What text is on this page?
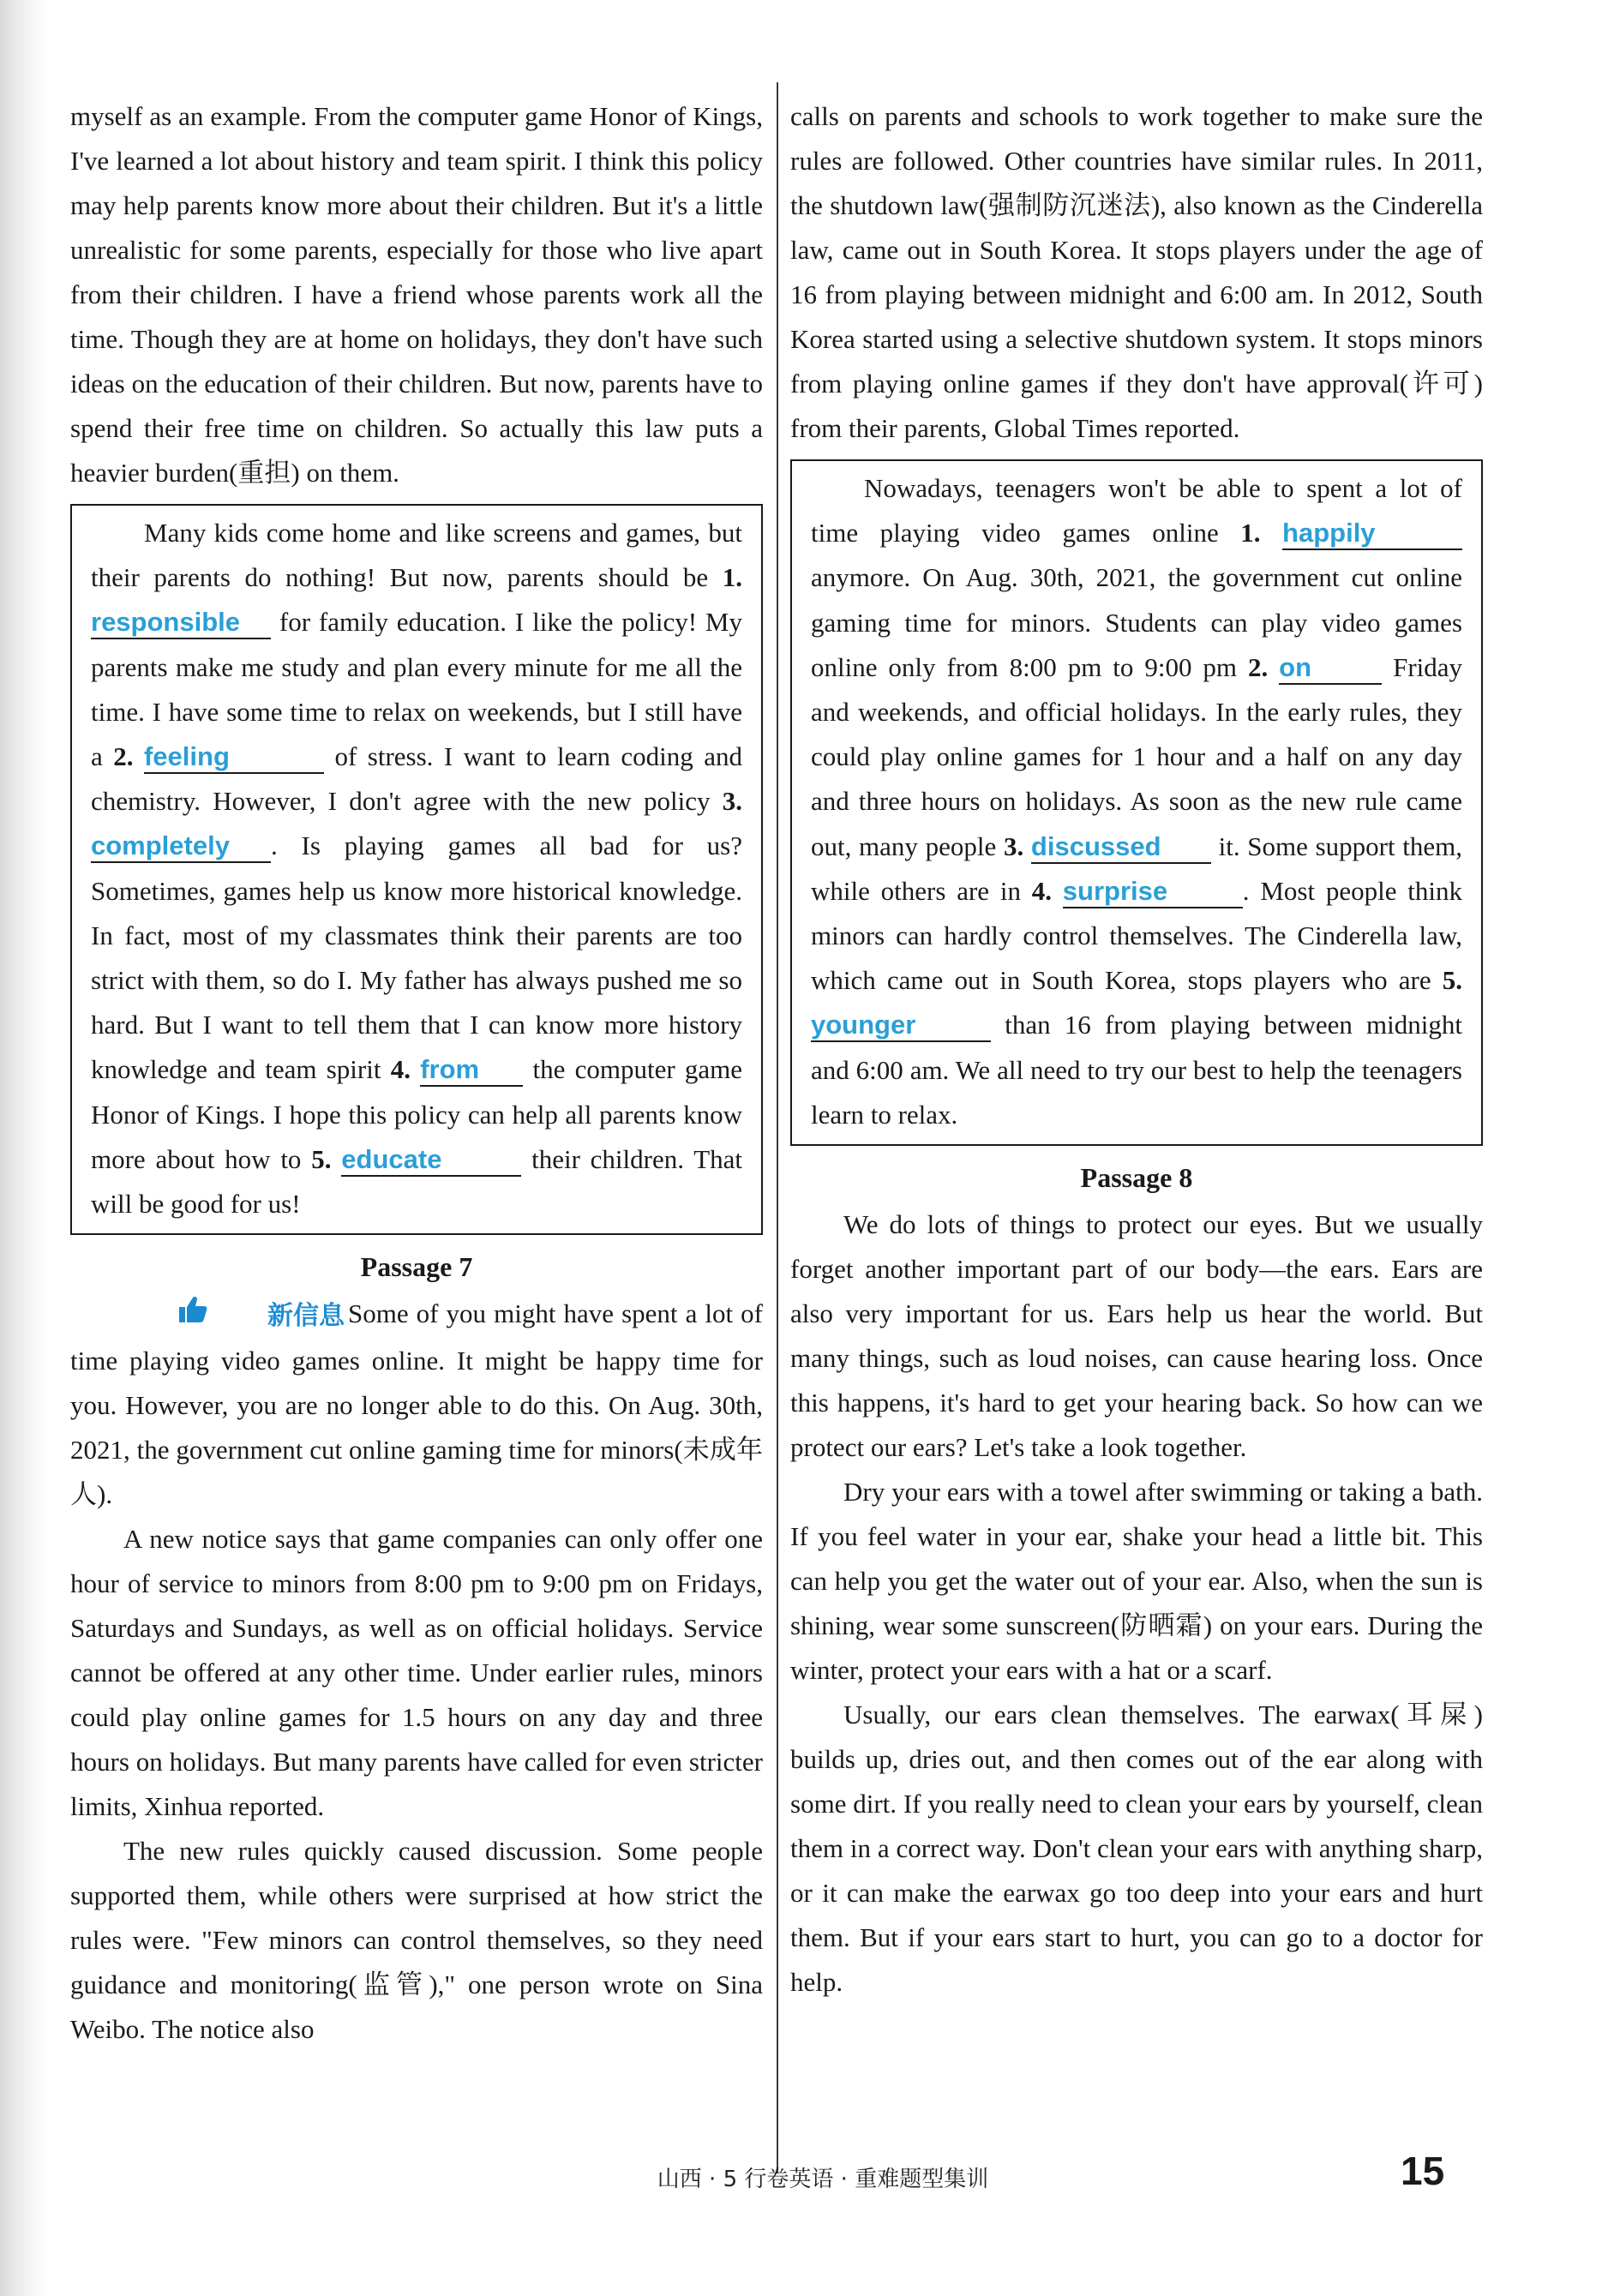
myself as an example. From the computer game Honor of Kings, I've learned a lot about history and team spirit. I think this policy may help parents know more about their children. But it's a little unrealistic for some parents, especially for those who live apart from their children. I have a friend whose parents work all the time. Though they are at home on holidays, they don't have such ideas on the education of their children. But now, parents have to spend their free time on children. So actually this law puts a heavier burden(重担) on them.

Many kids come home and like screens and games, but their parents do nothing! But now, parents should be 1. responsible for family education. I like the policy! My parents make me study and plan every minute for me all the time. I have some time to relax on weekends, but I still have a 2. feeling	of stress. I want to learn coding and chemistry. However, I don't agree with the new policy 3. completely . Is playing games all bad for us? Sometimes, games help us know more historical knowledge. In fact, most of my classmates think their parents are too strict with them, so do I. My father has always pushed me so hard. But I want to tell them that I can know more history knowledge and team spirit 4. from the computer game Honor of Kings. I hope this policy can help all parents know more about how to 5. educate	their children. That will be good for us!

Passage 7

新信息 Some of you might have spent a lot of time playing video games online. It might be happy time for you. However, you are no longer able to do this. On Aug. 30th, 2021, the government cut online gaming time for minors(未成年人).

A new notice says that game companies can only offer one hour of service to minors from 8:00 pm to 9:00 pm on Fridays, Saturdays and Sundays, as well as on official holidays. Service cannot be offered at any other time. Under earlier rules, minors could play online games for 1.5 hours on any day and three hours on holidays. But many parents have called for even stricter limits, Xinhua reported.

The new rules quickly caused discussion. Some people supported them, while others were surprised at how strict the rules were. "Few minors can control themselves, so they need guidance and monitoring(监管)," one person wrote on Sina Weibo. The notice also

calls on parents and schools to work together to make sure the rules are followed. Other countries have similar rules. In 2011, the shutdown law(强制防沉迷法), also known as the Cinderella law, came out in South Korea. It stops players under the age of 16 from playing between midnight and 6:00 am. In 2012, South Korea started using a selective shutdown system. It stops minors from playing online games if they don't have approval(许可) from their parents, Global Times reported.

Nowadays, teenagers won't be able to spent a lot of time playing video games online 1. happily anymore. On Aug. 30th, 2021, the government cut online gaming time for minors. Students can play video games online only from 8:00 pm to 9:00 pm 2. on	Friday and weekends, and official holidays. In the early rules, they could play online games for 1 hour and a half on any day and three hours on holidays. As soon as the new rule came out, many people 3. discussed it. Some support them, while others are in 4. surprise	. Most people think minors can hardly control themselves. The Cinderella law, which came out in South Korea, stops players who are 5. younger	than 16 from playing between midnight and 6:00 am. We all need to try our best to help the teenagers learn to relax.

Passage 8

We do lots of things to protect our eyes. But we usually forget another important part of our body—the ears. Ears are also very important for us. Ears help us hear the world. But many things, such as loud noises, can cause hearing loss. Once this happens, it's hard to get your hearing back. So how can we protect our ears? Let's take a look together.

Dry your ears with a towel after swimming or taking a bath. If you feel water in your ear, shake your head a little bit. This can help you get the water out of your ear. Also, when the sun is shining, wear some sunscreen(防晒霜) on your ears. During the winter, protect your ears with a hat or a scarf.

Usually, our ears clean themselves. The earwax(耳屎) builds up, dries out, and then comes out of the ear along with some dirt. If you really need to clean your ears by yourself, clean them in a correct way. Don't clean your ears with anything sharp, or it can make the earwax go too deep into your ears and hurt them. But if your ears start to hurt, you can go to a doctor for help.

山西 · 5 行卷英语 · 重难题型集训	15
